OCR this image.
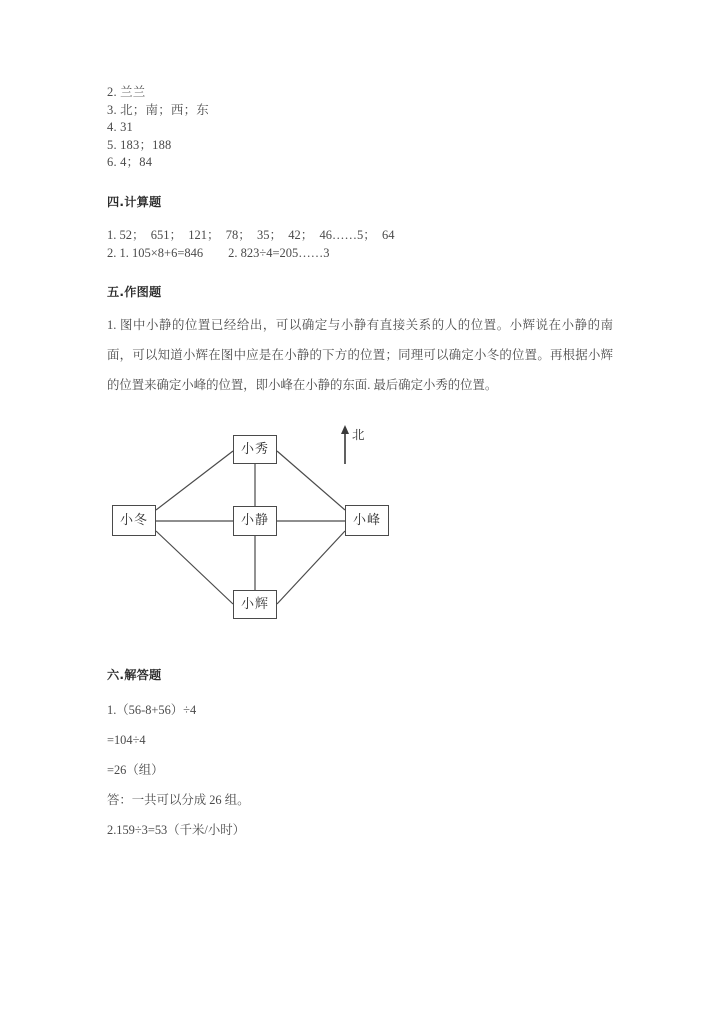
2. 兰兰
3. 北；南；西；东
4. 31
5. 183；188
6. 4；84
四.计算题
1. 52；  651；  121；  78；  35；  42；  46……5；  64
2. 1. 105×8+6=846        2. 823÷4=205……3
五.作图题

1. 图中小静的位置已经给出，可以确定与小静有直接关系的人的位置。小辉说在小静的南面，可以知道小辉在图中应是在小静的下方的位置；同理可以确定小冬的位置。再根据小辉的位置来确定小峰的位置，即小峰在小静的东面. 最后确定小秀的位置。

小秀
小冬	小静	小峰
小辉
北
六.解答题
1.（56-8+56）÷4
=104÷4
=26（组）
答：一共可以分成 26 组。
2.159÷3=53（千米/小时）
